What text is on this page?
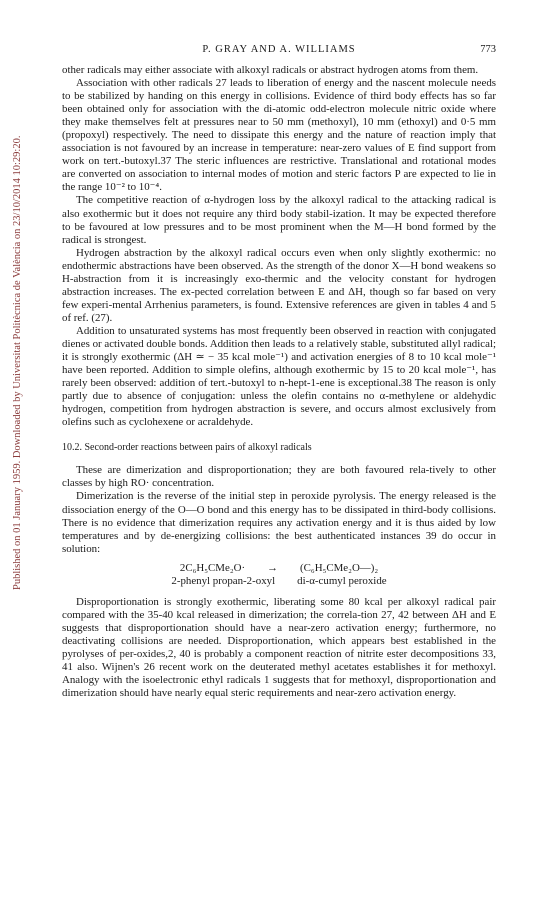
Published on 01 January 1959. Downloaded by Universitat Politècnica de València on 23/10/2014 10:29:20.
P. GRAY AND A. WILLIAMS	773

other radicals may either associate with alkoxyl radicals or abstract hydrogen atoms from them.

Association with other radicals 27 leads to liberation of energy and the nascent molecule needs to be stabilized by handing on this energy in collisions. Evidence of third body effects has so far been obtained only for association with the di-atomic odd-electron molecule nitric oxide where they make themselves felt at pressures near to 50 mm (methoxyl), 10 mm (ethoxyl) and 0·5 mm (propoxyl) respectively. The need to dissipate this energy and the nature of reaction imply that association is not favoured by an increase in temperature: near-zero values of E find support from work on tert.-butoxyl.37 The steric influences are restrictive. Translational and rotational modes are converted on association to internal modes of motion and steric factors P are expected to lie in the range 10⁻² to 10⁻⁴.

The competitive reaction of α-hydrogen loss by the alkoxyl radical to the attacking radical is also exothermic but it does not require any third body stabil-ization. It may be expected therefore to be favoured at low pressures and to be most prominent when the M—H bond formed by the radical is strongest.

Hydrogen abstraction by the alkoxyl radical occurs even when only slightly exothermic: no endothermic abstractions have been observed. As the strength of the donor X—H bond weakens so H-abstraction from it is increasingly exo-thermic and the velocity constant for hydrogen abstraction increases. The ex-pected correlation between E and ΔH, though so far based on very few experi-mental Arrhenius parameters, is found. Extensive references are given in tables 4 and 5 of ref. (27).

Addition to unsaturated systems has most frequently been observed in reaction with conjugated dienes or activated double bonds. Addition then leads to a relatively stable, substituted allyl radical; it is strongly exothermic (ΔH ≃ − 35 kcal mole⁻¹) and activation energies of 8 to 10 kcal mole⁻¹ have been reported. Addition to simple olefins, although exothermic by 15 to 20 kcal mole⁻¹, has rarely been observed: addition of tert.-butoxyl to n-hept-1-ene is exceptional.38 The reason is only partly due to absence of conjugation: unless the olefin contains no α-methylene or aldehydic hydrogen, competition from hydrogen abstraction is severe, and occurs almost exclusively from olefins such as cyclohexene or acraldehyde.

10.2. Second-order reactions between pairs of alkoxyl radicals

These are dimerization and disproportionation; they are both favoured rela-tively to other classes by high RO· concentration.

Dimerization is the reverse of the initial step in peroxide pyrolysis. The energy released is the dissociation energy of the O—O bond and this energy has to be dissipated in third-body collisions. There is no evidence that dimerization requires any activation energy and it is thus aided by low temperatures and by de-energizing collisions: the best authenticated instances 39 do occur in solution:

2C₆H₅CMe₂O· → (C₆H₅CMe₂O—)₂
2-phenyl propan-2-oxyl di-α-cumyl peroxide

Disproportionation is strongly exothermic, liberating some 80 kcal per alkoxyl radical pair compared with the 35-40 kcal released in dimerization; the correla-tion 27, 42 between ΔH and E suggests that disproportionation should have a near-zero activation energy; furthermore, no deactivating collisions are needed. Disproportionation, which appears best established in the pyrolyses of per-oxides,2, 40 is probably a component reaction of nitrite ester decompositions 33, 41 also. Wijnen's 26 recent work on the deuterated methyl acetates establishes it for methoxyl. Analogy with the isoelectronic ethyl radicals 1 suggests that for methoxyl, disproportionation and dimerization should have nearly equal steric requirements and near-zero activation energy.
